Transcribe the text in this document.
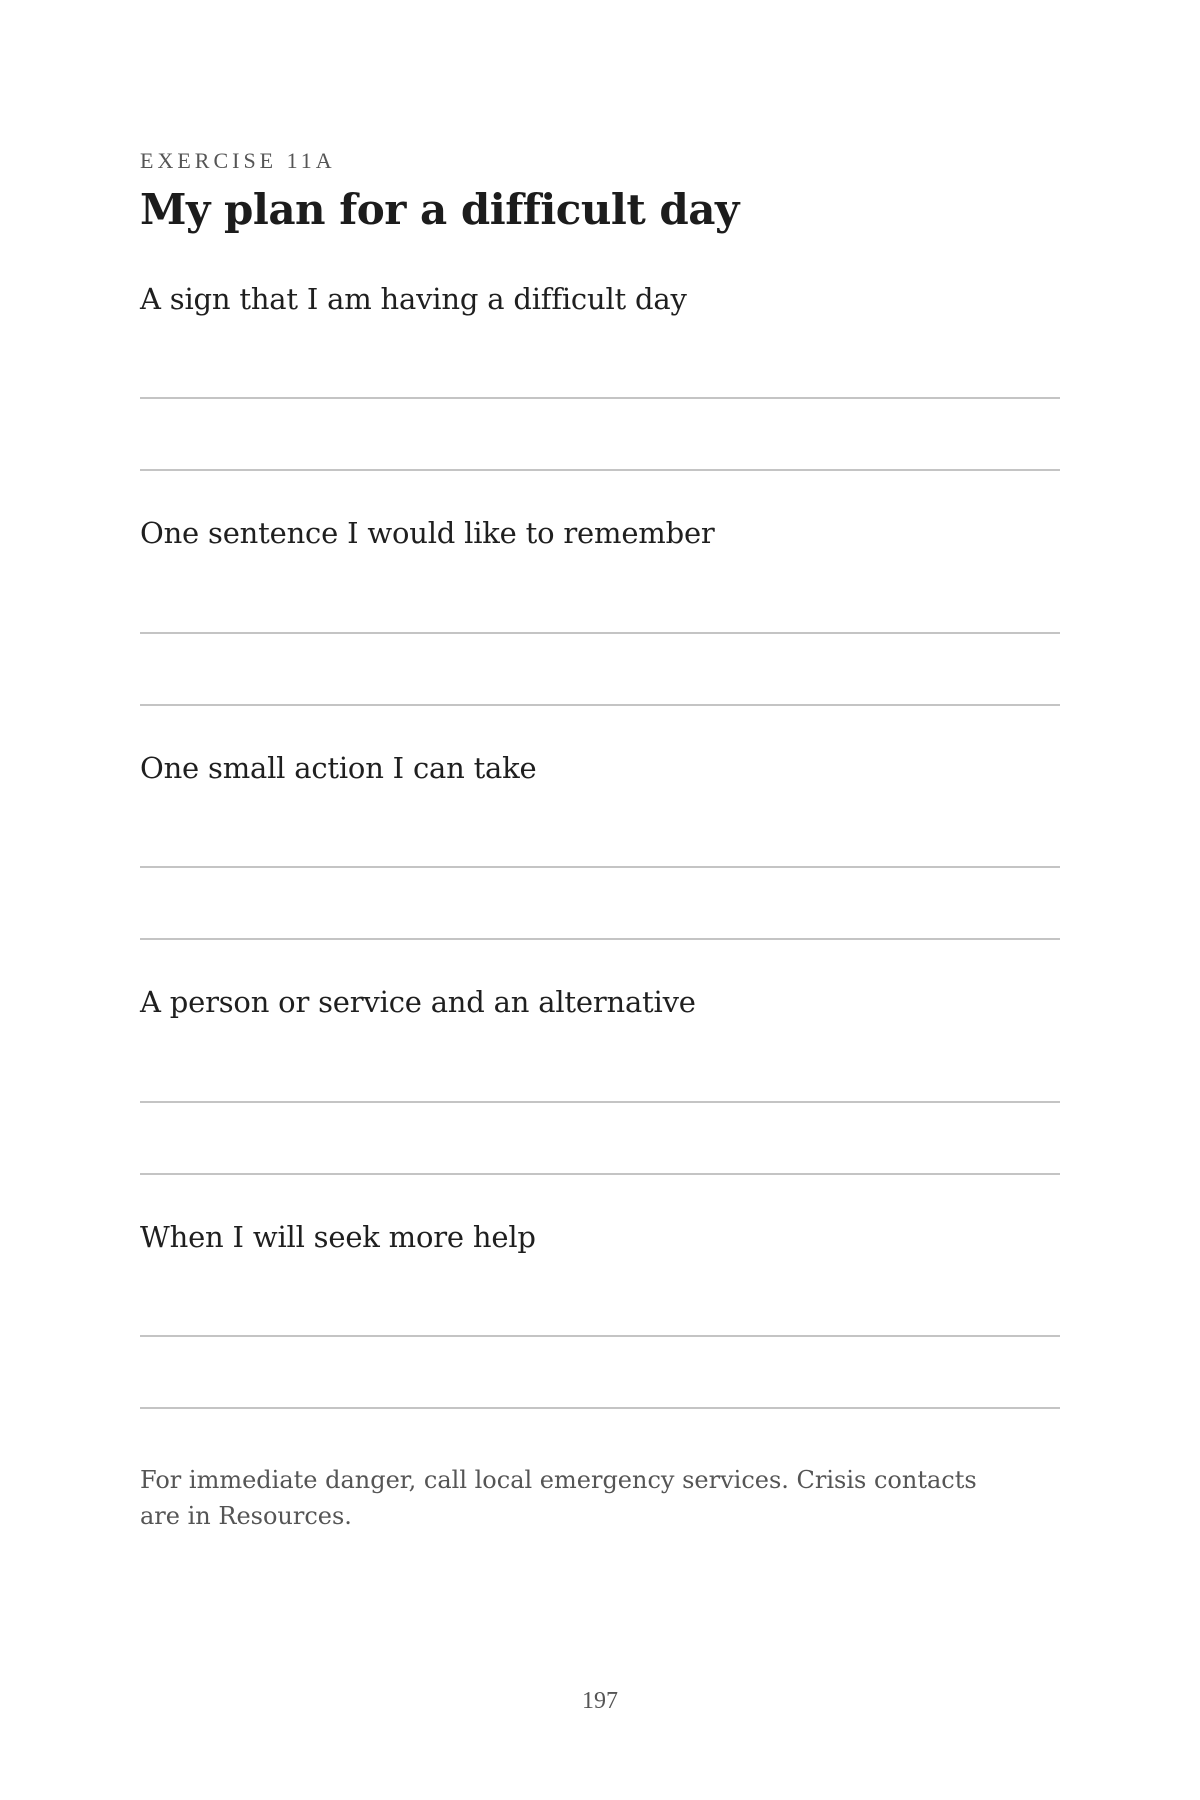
EXERCISE 11A
My plan for a difficult day
A sign that I am having a difficult day
One sentence I would like to remember
One small action I can take
A person or service and an alternative
When I will seek more help
For immediate danger, call local emergency services. Crisis contacts are in Resources.
197
